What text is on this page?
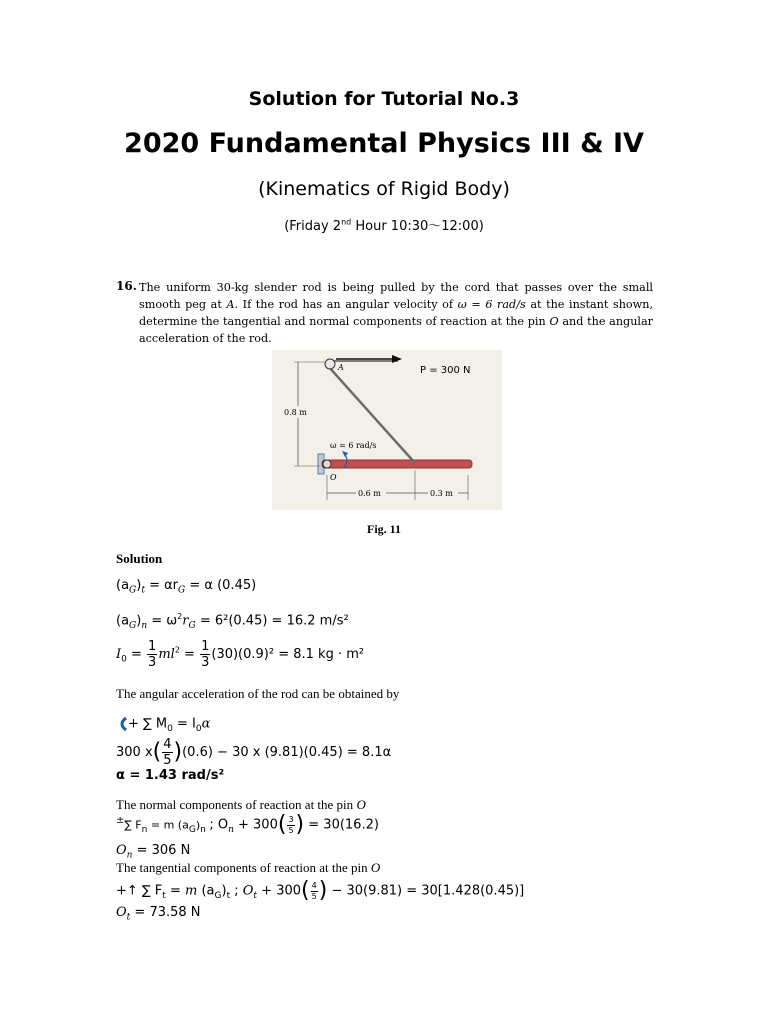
Solution for Tutorial No.3
2020 Fundamental Physics III & IV
(Kinematics of Rigid Body)
(Friday 2nd Hour 10:30〜12:00)
16. The uniform 30-kg slender rod is being pulled by the cord that passes over the small smooth peg at A. If the rod has an angular velocity of ω = 6 rad/s at the instant shown, determine the tangential and normal components of reaction at the pin O and the angular acceleration of the rod.
P = 300 N
A
0.8 m
ω = 6 rad/s
O
0.6 m	0.3 m
Fig. 11
Solution
$(a_G)_t = \alpha r_G = \alpha$ (0.45)
$(a_G)_n = \omega^2r_G = 6^2(0.45) = 16.2$ m/s²
$I_0 = \frac{1}{3} ml^2 = \frac{1}{3} (30)(0.9)^2 = 8.1$ kg · m²
The angular acceleration of the rod can be obtained by
+ ∑ $M_0 = I_0\alpha$
300 $x( \frac{4}{5} )(0.6) - 30$ x (9.81)(0.45) = 8.1α
α = 1.43 rad/s²
The normal components of reaction at the pin O
±∑ $F_n = m$ $(a_G)_n$ ; $O_n + 300( \frac{3}{5}$ ) = 30(16.2)
$O_n = 306$ N
The tangential components of reaction at the pin O
+↑ ∑ $F_t = m$ $(a_G)_t$ ; $O_t + 300( \frac{4}{5}$ ) − 30(9.81) = 30[1.428(0.45)]
$O_t = 73.58$ N
